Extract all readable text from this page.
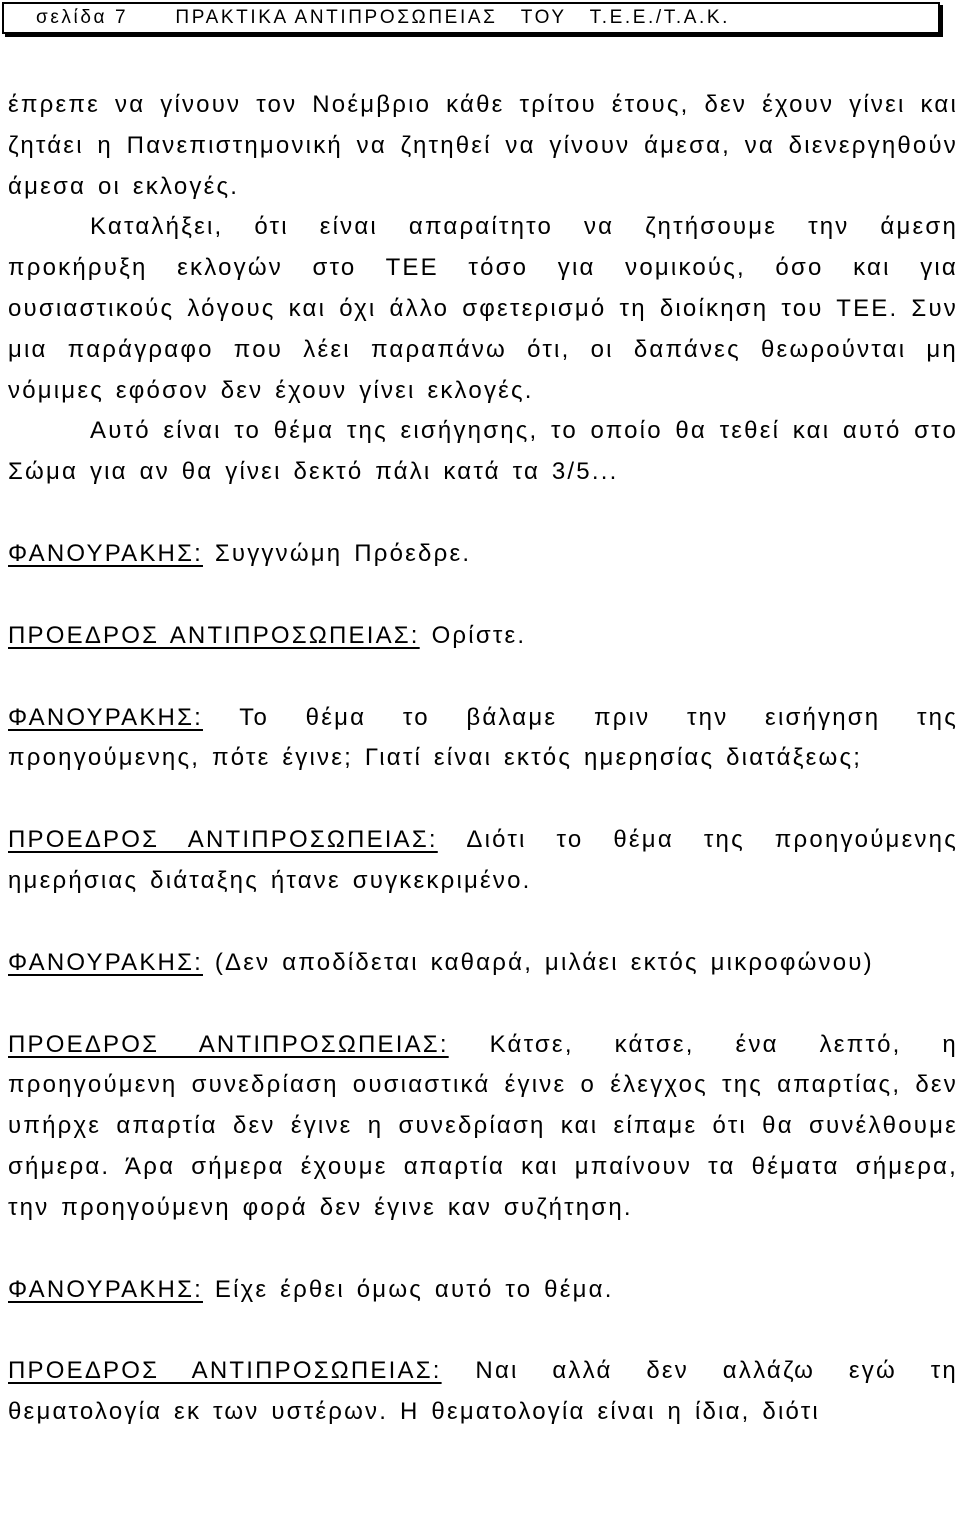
σελίδα 7
ΠΡΑΚΤΙΚΑ ΑΝΤΙΠΡΟΣΩΠΕΙΑΣ   ΤΟΥ   Τ.Ε.Ε./Τ.Α.Κ.

έπρεπε να γίνουν τον Νοέμβριο κάθε τρίτου έτους, δεν έχουν γίνει και ζητάει η Πανεπιστημονική να ζητηθεί να γίνουν άμεσα, να διενεργηθούν άμεσα οι εκλογές.

Καταλήξει, ότι είναι απαραίτητο να ζητήσουμε την άμεση προκήρυξη εκλογών στο ΤΕΕ τόσο για νομικούς, όσο και για ουσιαστικούς λόγους και όχι άλλο σφετερισμό τη διοίκηση του ΤΕΕ. Συν μια παράγραφο που λέει παραπάνω ότι, οι δαπάνες θεωρούνται μη νόμιμες εφόσον δεν έχουν γίνει εκλογές.

Αυτό είναι το θέμα της εισήγησης, το οποίο θα τεθεί και αυτό στο Σώμα για αν θα γίνει δεκτό πάλι κατά τα 3/5...

ΦΑΝΟΥΡΑΚΗΣ: Συγγνώμη Πρόεδρε.

ΠΡΟΕΔΡΟΣ ΑΝΤΙΠΡΟΣΩΠΕΙΑΣ: Ορίστε.

ΦΑΝΟΥΡΑΚΗΣ: Το θέμα το βάλαμε πριν την εισήγηση της προηγούμενης, πότε έγινε; Γιατί είναι εκτός ημερησίας διατάξεως;

ΠΡΟΕΔΡΟΣ ΑΝΤΙΠΡΟΣΩΠΕΙΑΣ: Διότι το θέμα της προηγούμενης ημερήσιας διάταξης ήτανε συγκεκριμένο.

ΦΑΝΟΥΡΑΚΗΣ: (Δεν αποδίδεται καθαρά, μιλάει εκτός μικροφώνου)

ΠΡΟΕΔΡΟΣ ΑΝΤΙΠΡΟΣΩΠΕΙΑΣ: Κάτσε, κάτσε, ένα λεπτό, η προηγούμενη συνεδρίαση ουσιαστικά έγινε ο έλεγχος της απαρτίας, δεν υπήρχε απαρτία δεν έγινε η συνεδρίαση και είπαμε ότι θα συνέλθουμε σήμερα. Άρα σήμερα έχουμε απαρτία και μπαίνουν τα θέματα σήμερα, την προηγούμενη φορά δεν έγινε καν συζήτηση.

ΦΑΝΟΥΡΑΚΗΣ: Είχε έρθει όμως αυτό το θέμα.

ΠΡΟΕΔΡΟΣ ΑΝΤΙΠΡΟΣΩΠΕΙΑΣ: Ναι αλλά δεν αλλάζω εγώ τη θεματολογία εκ των υστέρων. Η θεματολογία είναι η ίδια, διότι
